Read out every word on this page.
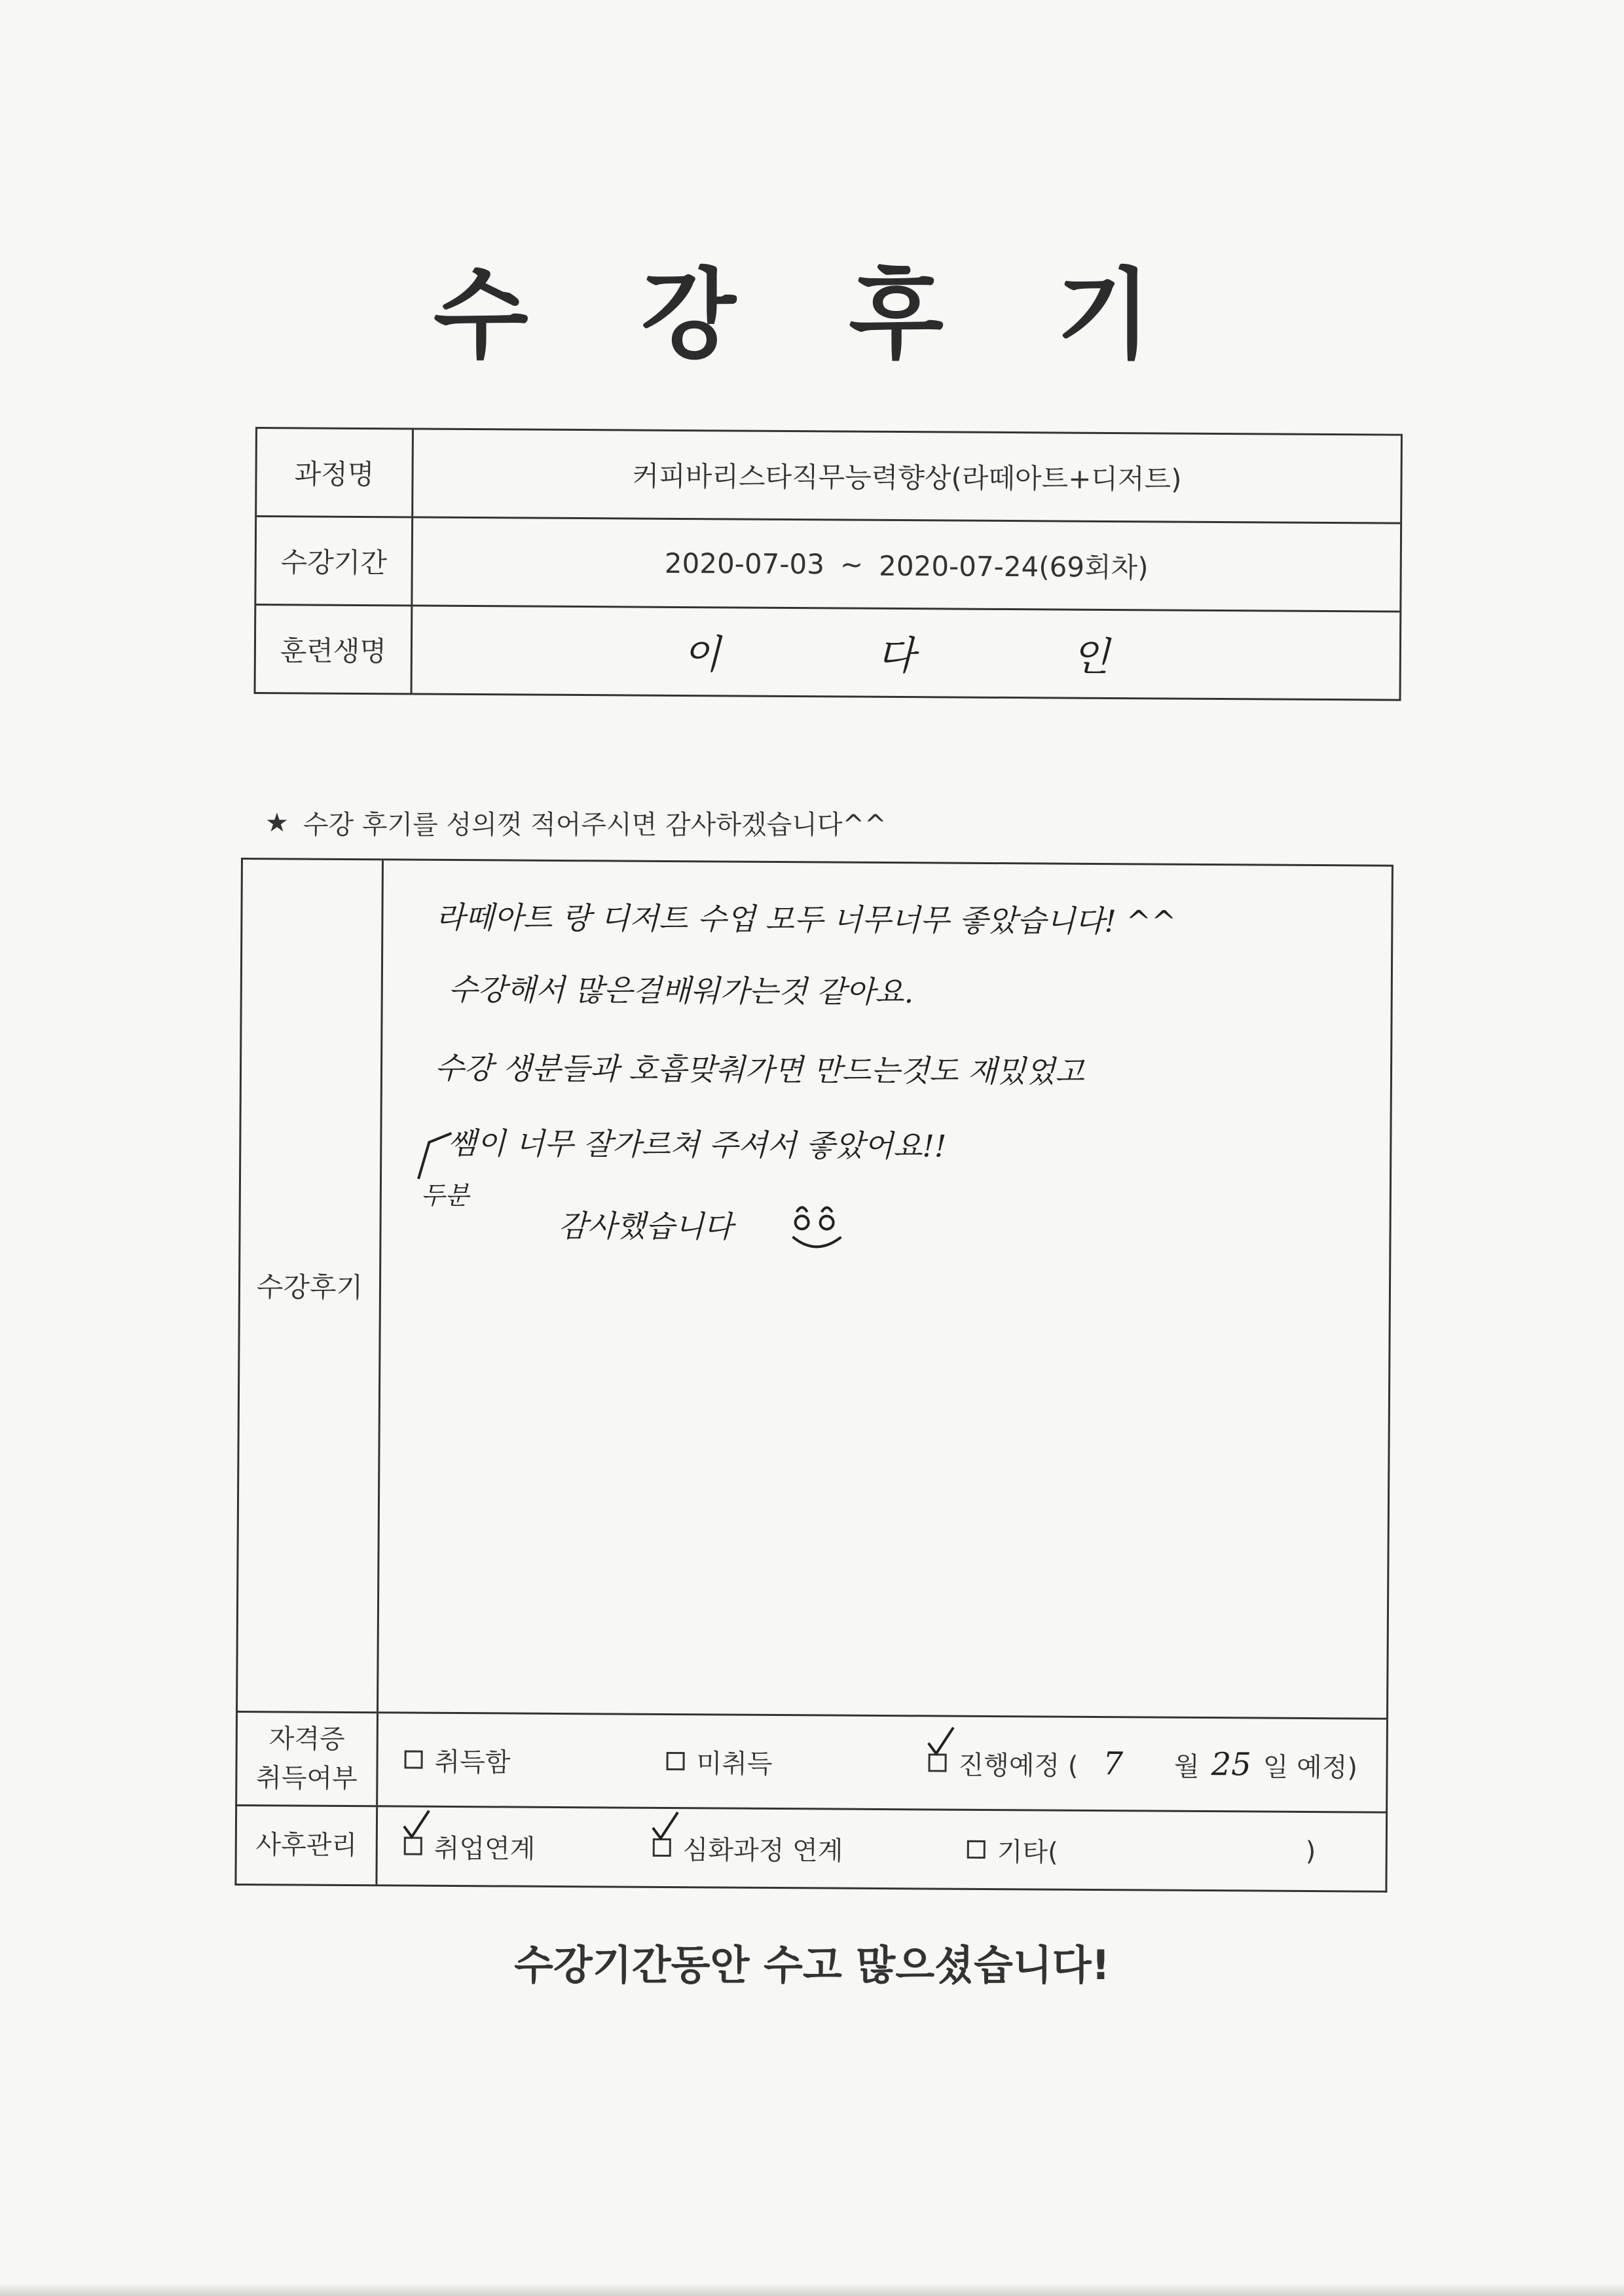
수 강 후 기
과정명	커피바리스타직무능력향상(라떼아트+디저트)
수강기간	2020-07-03 ~ 2020-07-24(69회차)
훈련생명	이 다 인
★ 수강 후기를 성의껏 적어주시면 감사하겠습니다^^
수강후기
라떼아트 랑 디저트 수업 모두 너무너무 좋았습니다! ^^
수강해서 많은걸배워가는것 같아요.
수강 생분들과 호흡맞춰가면 만드는것도 재밌었고
쌤이 너무 잘가르쳐 주셔서 좋았어요!!
두분
감사했습니다
자격증
취득여부
취득함	미취득	진행예정 ( 7 월 25 일 예정)
사후관리	취업연계	심화과정 연계	기타(	)
수강기간동안 수고 많으셨습니다!
